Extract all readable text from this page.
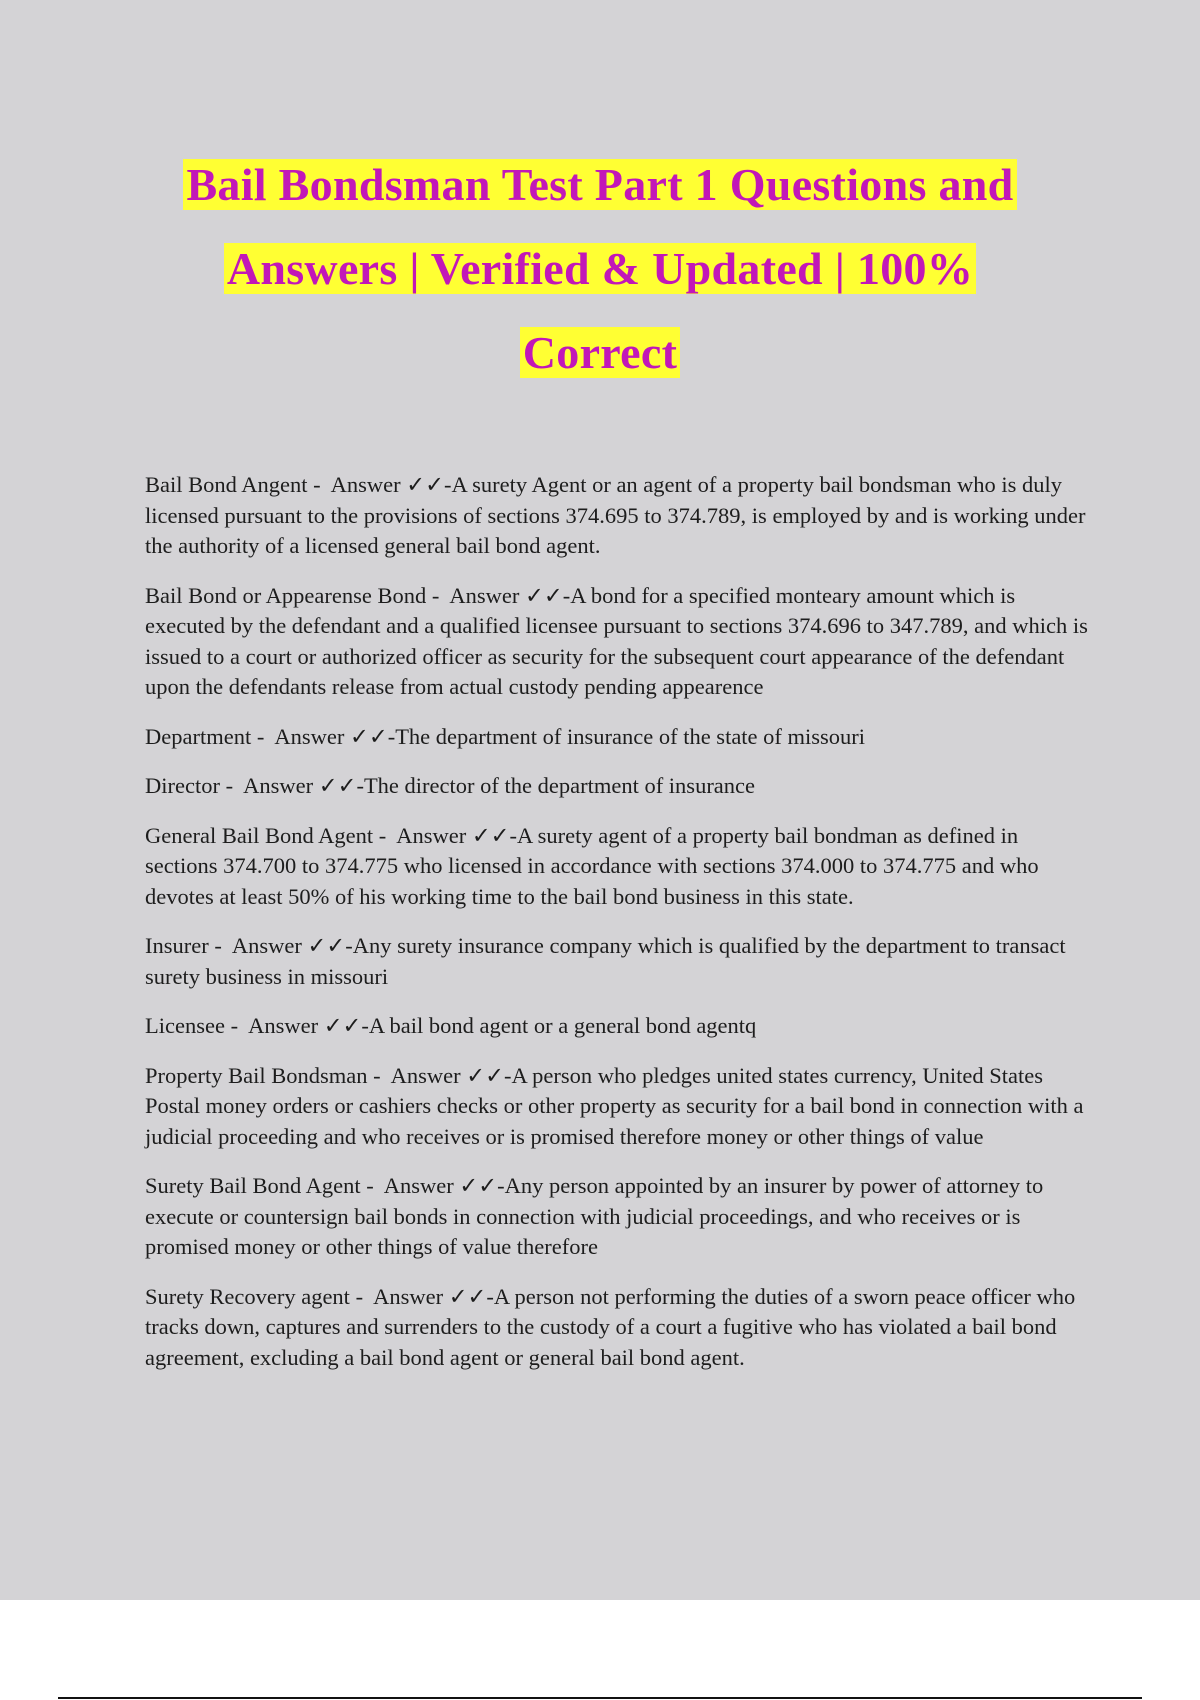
Bail Bondsman Test Part 1 Questions and
Answers | Verified & Updated | 100%
Correct
Bail Bond Angent -  Answer ✓✓-A surety Agent or an agent of a property bail bondsman who is duly licensed pursuant to the provisions of sections 374.695 to 374.789, is employed by and is working under the authority of a licensed general bail bond agent.
Bail Bond or Appearense Bond -  Answer ✓✓-A bond for a specified monteary amount which is executed by the defendant and a qualified licensee pursuant to sections 374.696 to 347.789, and which is issued to a court or authorized officer as security for the subsequent court appearance of the defendant upon the defendants release from actual custody pending appearence
Department -  Answer ✓✓-The department of insurance of the state of missouri
Director -  Answer ✓✓-The director of the department of insurance
General Bail Bond Agent -  Answer ✓✓-A surety agent of a property bail bondman as defined in sections 374.700 to 374.775 who licensed in accordance with sections 374.000 to 374.775 and who devotes at least 50% of his working time to the bail bond business in this state.
Insurer -  Answer ✓✓-Any surety insurance company which is qualified by the department to transact surety business in missouri
Licensee -  Answer ✓✓-A bail bond agent or a general bond agentq
Property Bail Bondsman -  Answer ✓✓-A person who pledges united states currency, United States Postal money orders or cashiers checks or other property as security for a bail bond in connection with a judicial proceeding and who receives or is promised therefore money or other things of value
Surety Bail Bond Agent -  Answer ✓✓-Any person appointed by an insurer by power of attorney to execute or countersign bail bonds in connection with judicial proceedings, and who receives or is promised money or other things of value therefore
Surety Recovery agent -  Answer ✓✓-A person not performing the duties of a sworn peace officer who tracks down, captures and surrenders to the custody of a court a fugitive who has violated a bail bond agreement, excluding a bail bond agent or general bail bond agent.
